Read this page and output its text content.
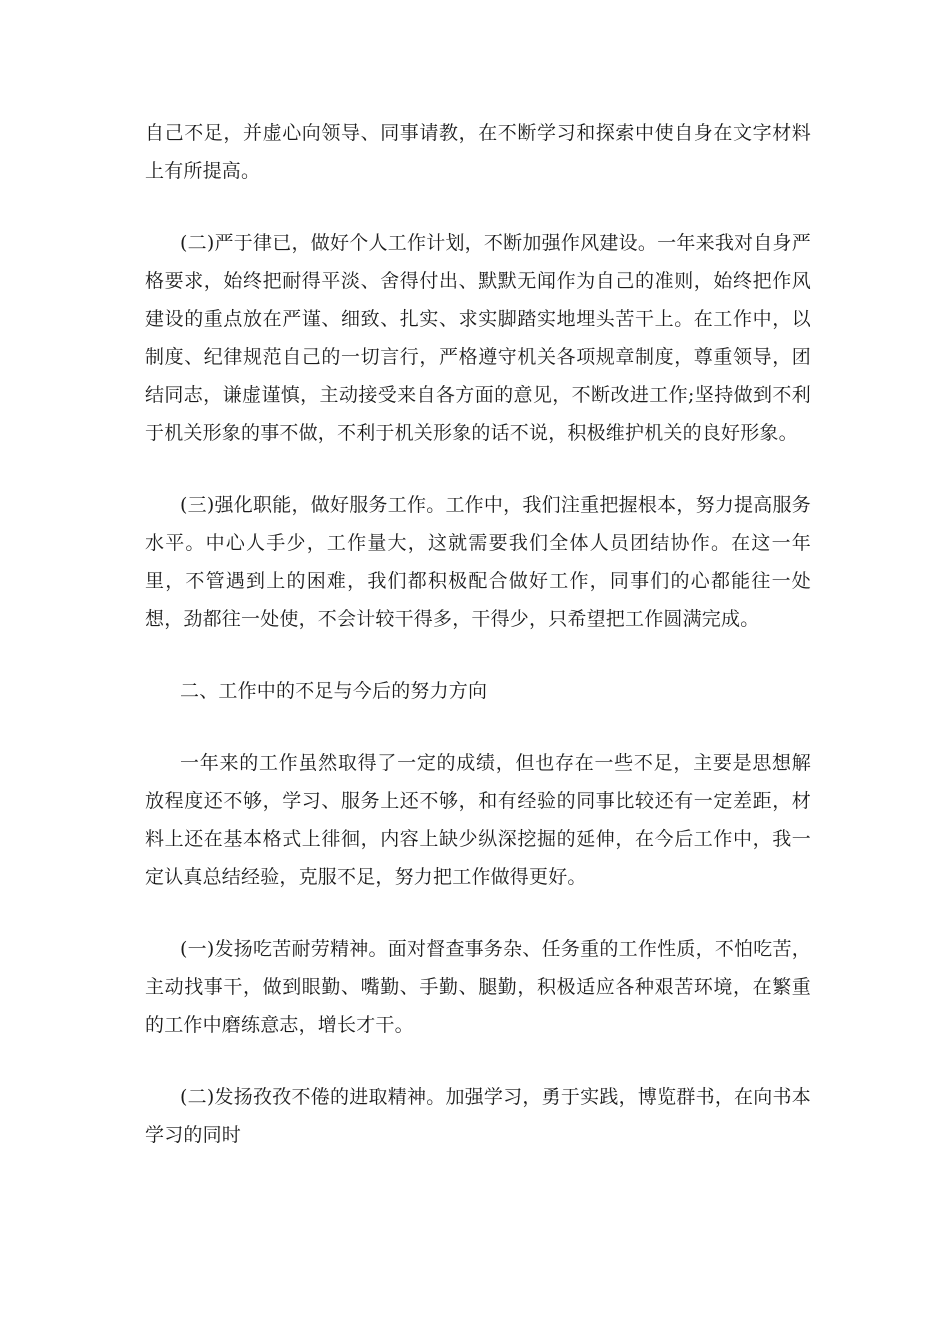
自己不足，并虚心向领导、同事请教，在不断学习和探索中使自身在文字材料上有所提高。

(二)严于律已，做好个人工作计划，不断加强作风建设。一年来我对自身严格要求，始终把耐得平淡、舍得付出、默默无闻作为自己的准则，始终把作风建设的重点放在严谨、细致、扎实、求实脚踏实地埋头苦干上。在工作中，以制度、纪律规范自己的一切言行，严格遵守机关各项规章制度，尊重领导，团结同志，谦虚谨慎，主动接受来自各方面的意见，不断改进工作;坚持做到不利于机关形象的事不做，不利于机关形象的话不说，积极维护机关的良好形象。

(三)强化职能，做好服务工作。工作中，我们注重把握根本，努力提高服务水平。中心人手少，工作量大，这就需要我们全体人员团结协作。在这一年里，不管遇到上的困难，我们都积极配合做好工作，同事们的心都能往一处想，劲都往一处使，不会计较干得多，干得少，只希望把工作圆满完成。

二、工作中的不足与今后的努力方向

一年来的工作虽然取得了一定的成绩，但也存在一些不足，主要是思想解放程度还不够，学习、服务上还不够，和有经验的同事比较还有一定差距，材料上还在基本格式上徘徊，内容上缺少纵深挖掘的延伸，在今后工作中，我一定认真总结经验，克服不足，努力把工作做得更好。

(一)发扬吃苦耐劳精神。面对督查事务杂、任务重的工作性质，不怕吃苦，主动找事干，做到眼勤、嘴勤、手勤、腿勤，积极适应各种艰苦环境，在繁重的工作中磨练意志，增长才干。

(二)发扬孜孜不倦的进取精神。加强学习，勇于实践，博览群书，在向书本学习的同时
